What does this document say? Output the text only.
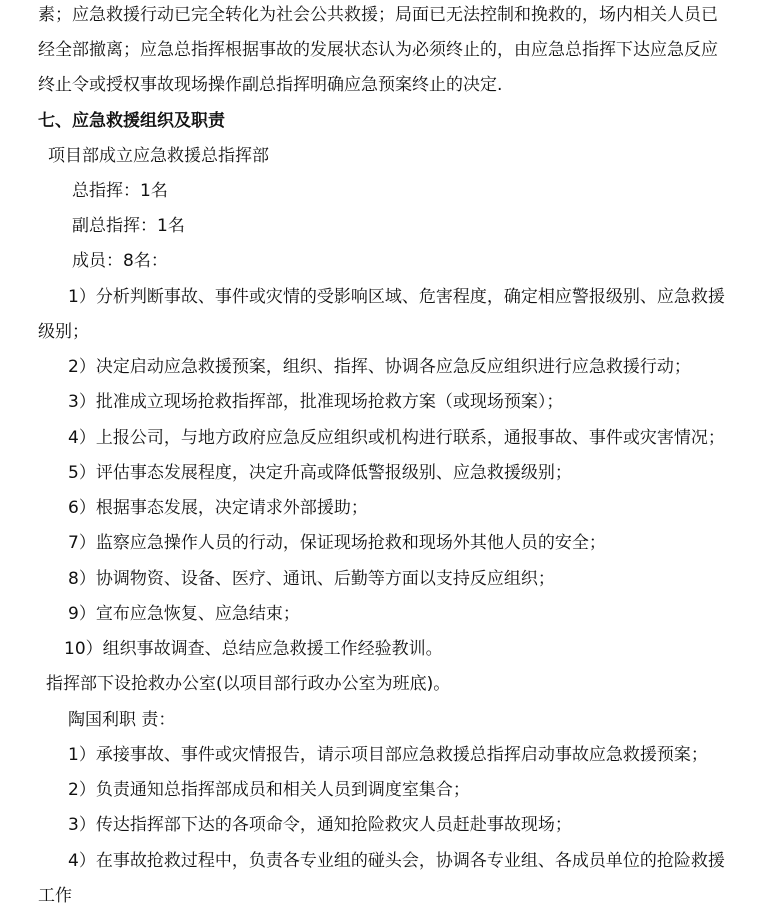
素；应急救援行动已完全转化为社会公共救援；局面已无法控制和挽救的，场内相关人员已
经全部撤离；应急总指挥根据事故的发展状态认为必须终止的，由应急总指挥下达应急反应
终止令或授权事故现场操作副总指挥明确应急预案终止的决定.
七、应急救援组织及职责
项目部成立应急救援总指挥部
总指挥：1名
副总指挥：1名
成员：8名：
1）分析判断事故、事件或灾情的受影响区域、危害程度，确定相应警报级别、应急救援
级别；
2）决定启动应急救援预案，组织、指挥、协调各应急反应组织进行应急救援行动；
3）批准成立现场抢救指挥部，批准现场抢救方案（或现场预案）；
4）上报公司，与地方政府应急反应组织或机构进行联系，通报事故、事件或灾害情况；
5）评估事态发展程度，决定升高或降低警报级别、应急救援级别；
6）根据事态发展，决定请求外部援助；
7）监察应急操作人员的行动，保证现场抢救和现场外其他人员的安全；
8）协调物资、设备、医疗、通讯、后勤等方面以支持反应组织；
9）宣布应急恢复、应急结束；
10）组织事故调查、总结应急救援工作经验教训。
指挥部下设抢救办公室(以项目部行政办公室为班底)。
陶国利职 责：
1）承接事故、事件或灾情报告，请示项目部应急救援总指挥启动事故应急救援预案；
2）负责通知总指挥部成员和相关人员到调度室集合；
3）传达指挥部下达的各项命令，通知抢险救灾人员赶赴事故现场；
4）在事故抢救过程中，负责各专业组的碰头会，协调各专业组、各成员单位的抢险救援
工作
